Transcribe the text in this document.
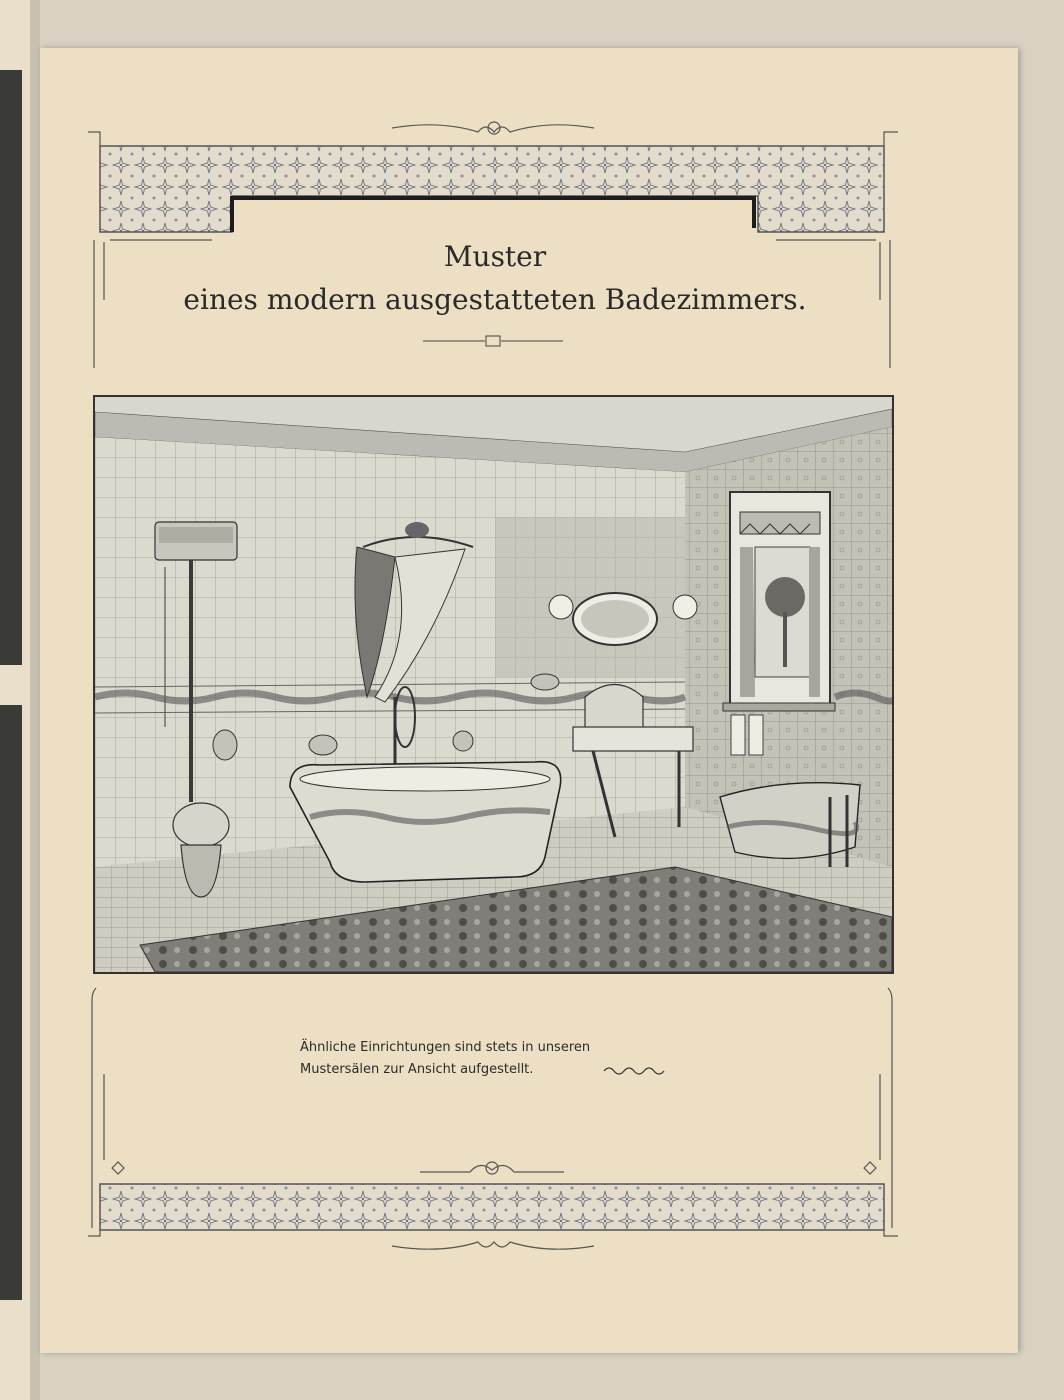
Muster
eines modern ausgestatteten Badezimmers.
Ähnliche Einrichtungen sind stets in unseren
Mustersälen zur Ansicht aufgestellt.
